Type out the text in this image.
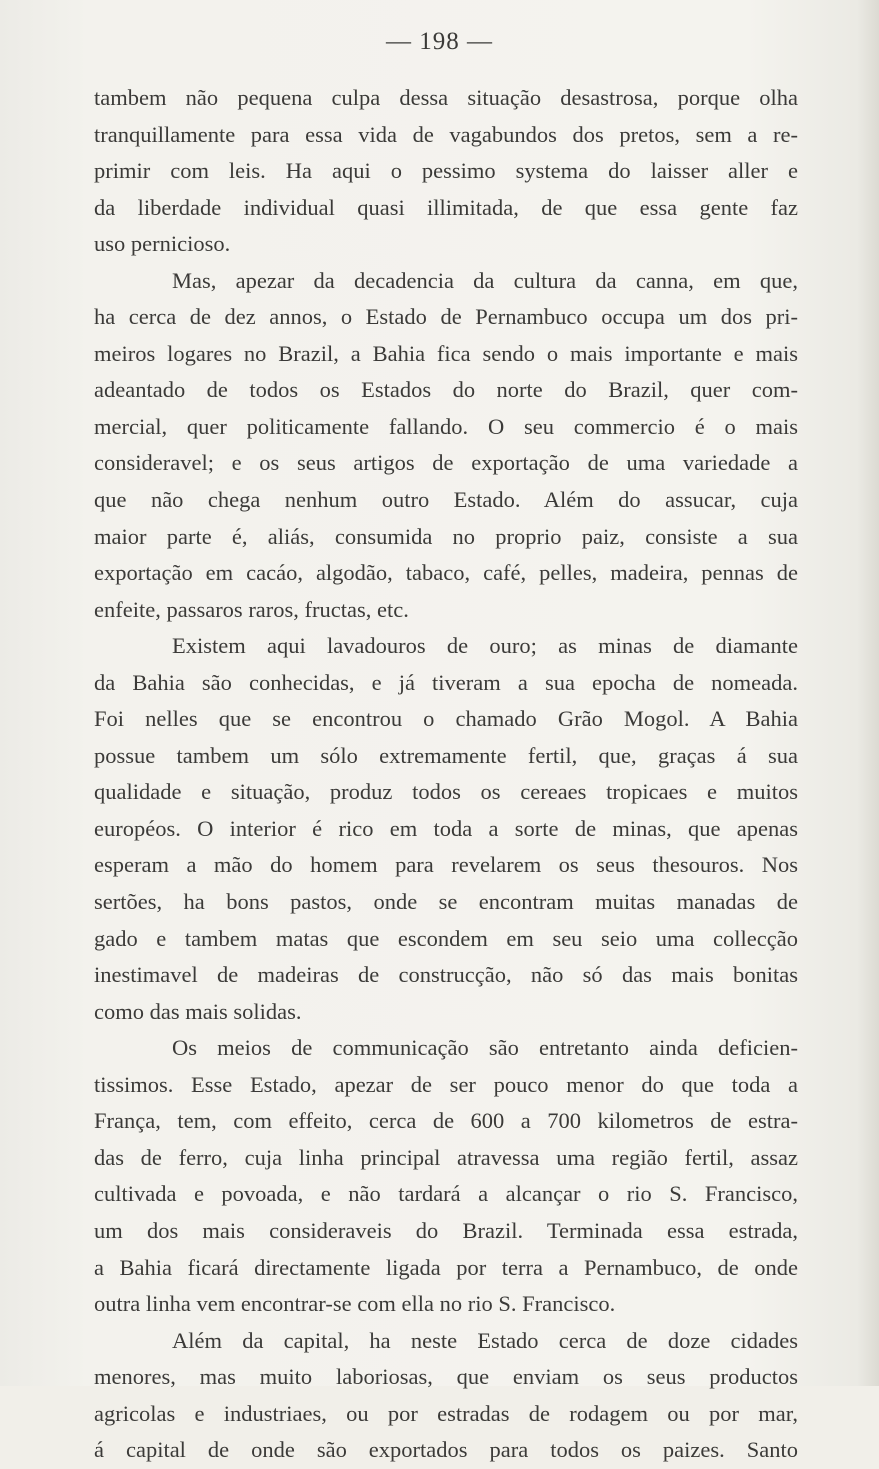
— 198 —
tambem não pequena culpa dessa situação desastrosa, porque olha
tranquillamente para essa vida de vagabundos dos pretos, sem a re-
primir com leis. Ha aqui o pessimo systema do laisser aller e
da liberdade individual quasi illimitada, de que essa gente faz
uso pernicioso.
Mas, apezar da decadencia da cultura da canna, em que,
ha cerca de dez annos, o Estado de Pernambuco occupa um dos pri-
meiros logares no Brazil, a Bahia fica sendo o mais importante e mais
adeantado de todos os Estados do norte do Brazil, quer com-
mercial, quer politicamente fallando. O seu commercio é o mais
consideravel; e os seus artigos de exportação de uma variedade a
que não chega nenhum outro Estado. Além do assucar, cuja
maior parte é, aliás, consumida no proprio paiz, consiste a sua
exportação em cacáo, algodão, tabaco, café, pelles, madeira, pennas de
enfeite, passaros raros, fructas, etc.
Existem aqui lavadouros de ouro; as minas de diamante
da Bahia são conhecidas, e já tiveram a sua epocha de nomeada.
Foi nelles que se encontrou o chamado Grão Mogol. A Bahia
possue tambem um sólo extremamente fertil, que, graças á sua
qualidade e situação, produz todos os cereaes tropicaes e muitos
européos. O interior é rico em toda a sorte de minas, que apenas
esperam a mão do homem para revelarem os seus thesouros. Nos
sertões, ha bons pastos, onde se encontram muitas manadas de
gado e tambem matas que escondem em seu seio uma collecção
inestimavel de madeiras de construcção, não só das mais bonitas
como das mais solidas.
Os meios de communicação são entretanto ainda deficien-
tissimos. Esse Estado, apezar de ser pouco menor do que toda a
França, tem, com effeito, cerca de 600 a 700 kilometros de estra-
das de ferro, cuja linha principal atravessa uma região fertil, assaz
cultivada e povoada, e não tardará a alcançar o rio S. Francisco,
um dos mais consideraveis do Brazil. Terminada essa estrada,
a Bahia ficará directamente ligada por terra a Pernambuco, de onde
outra linha vem encontrar-se com ella no rio S. Francisco.
Além da capital, ha neste Estado cerca de doze cidades
menores, mas muito laboriosas, que enviam os seus productos
agricolas e industriaes, ou por estradas de rodagem ou por mar,
á capital de onde são exportados para todos os paizes. Santo
